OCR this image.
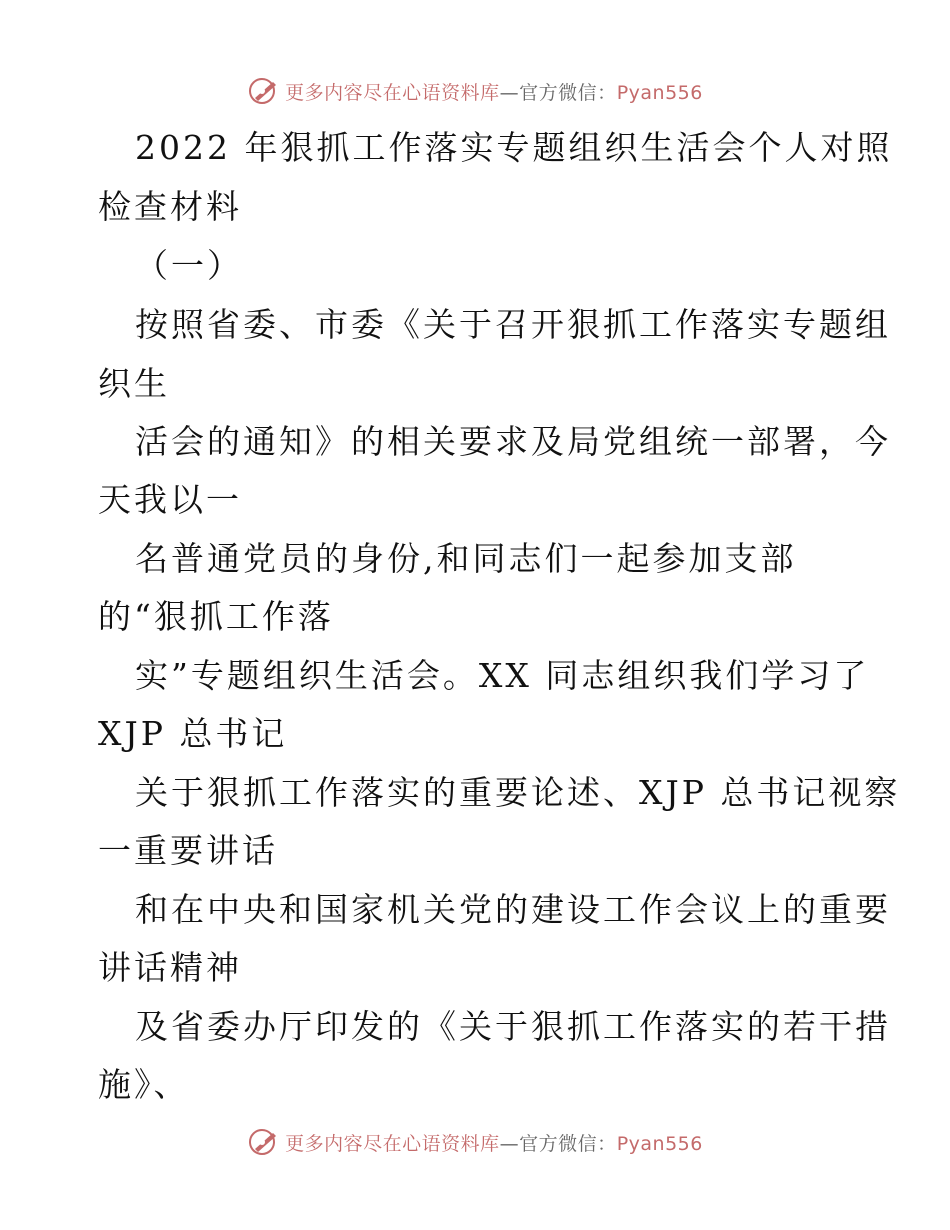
更多内容尽在心语资料库—官方微信：Pyan556
2022 年狠抓工作落实专题组织生活会个人对照
检查材料
（一）
按照省委、市委《关于召开狠抓工作落实专题组
织生
活会的通知》的相关要求及局党组统一部署，今
天我以一
名普通党员的身份,和同志们一起参加支部
的“狠抓工作落
实”专题组织生活会。XX 同志组织我们学习了
XJP 总书记
关于狠抓工作落实的重要论述、XJP 总书记视察
一重要讲话
和在中央和国家机关党的建设工作会议上的重要
讲话精神
及省委办厅印发的《关于狠抓工作落实的若干措
施》、
更多内容尽在心语资料库—官方微信：Pyan556
